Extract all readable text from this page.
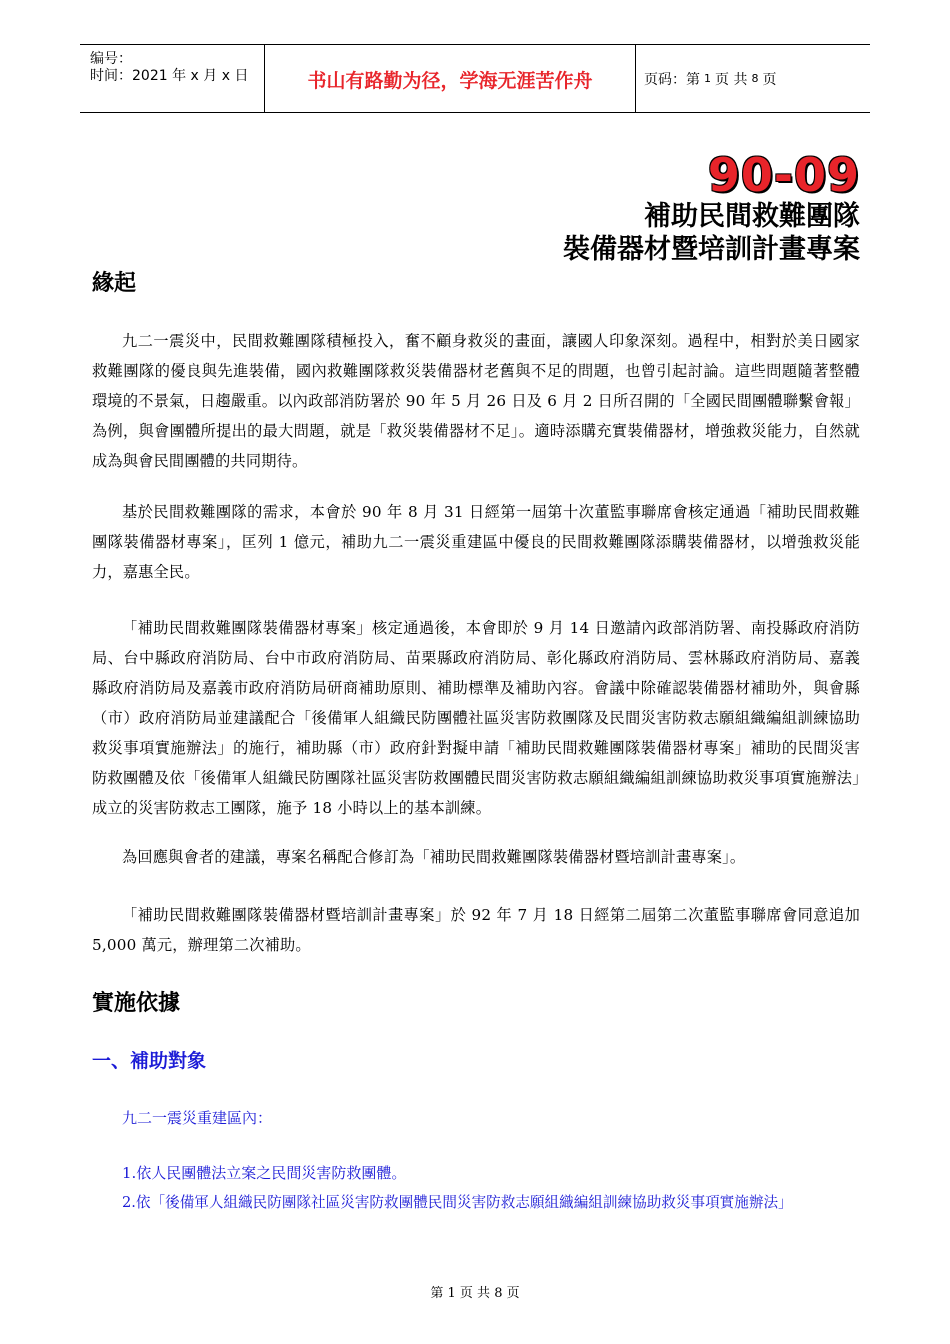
编号：
时间：2021 年 x 月 x 日	书山有路勤为径，学海无涯苦作舟	页码：第 1 页 共 8 页
90-09
補助民間救難團隊
裝備器材暨培訓計畫專案
緣起
九二一震災中，民間救難團隊積極投入，奮不顧身救災的畫面，讓國人印象深刻。過程中，相對於美日國家救難團隊的優良與先進裝備，國內救難團隊救災裝備器材老舊與不足的問題，也曾引起討論。這些問題隨著整體環境的不景氣，日趨嚴重。以內政部消防署於 90 年 5 月 26 日及 6 月 2 日所召開的「全國民間團體聯繫會報」為例，與會團體所提出的最大問題，就是「救災裝備器材不足」。適時添購充實裝備器材，增強救災能力，自然就成為與會民間團體的共同期待。
基於民間救難團隊的需求，本會於 90 年 8 月 31 日經第一屆第十次董監事聯席會核定通過「補助民間救難團隊裝備器材專案」，匡列 1 億元，補助九二一震災重建區中優良的民間救難團隊添購裝備器材，以增強救災能力，嘉惠全民。
「補助民間救難團隊裝備器材專案」核定通過後，本會即於 9 月 14 日邀請內政部消防署、南投縣政府消防局、台中縣政府消防局、台中市政府消防局、苗栗縣政府消防局、彰化縣政府消防局、雲林縣政府消防局、嘉義縣政府消防局及嘉義市政府消防局研商補助原則、補助標準及補助內容。會議中除確認裝備器材補助外，與會縣（市）政府消防局並建議配合「後備軍人組織民防團體社區災害防救團隊及民間災害防救志願組織編組訓練協助救災事項實施辦法」的施行，補助縣（市）政府針對擬申請「補助民間救難團隊裝備器材專案」補助的民間災害防救團體及依「後備軍人組織民防團隊社區災害防救團體民間災害防救志願組織編組訓練協助救災事項實施辦法」成立的災害防救志工團隊，施予 18 小時以上的基本訓練。
為回應與會者的建議，專案名稱配合修訂為「補助民間救難團隊裝備器材暨培訓計畫專案」。
「補助民間救難團隊裝備器材暨培訓計畫專案」於 92 年 7 月 18 日經第二屆第二次董監事聯席會同意追加 5,000 萬元，辦理第二次補助。
實施依據
一、補助對象
九二一震災重建區內：
1.依人民團體法立案之民間災害防救團體。
2.依「後備軍人組織民防團隊社區災害防救團體民間災害防救志願組織編組訓練協助救災事項實施辦法」
第 1 页 共 8 页
